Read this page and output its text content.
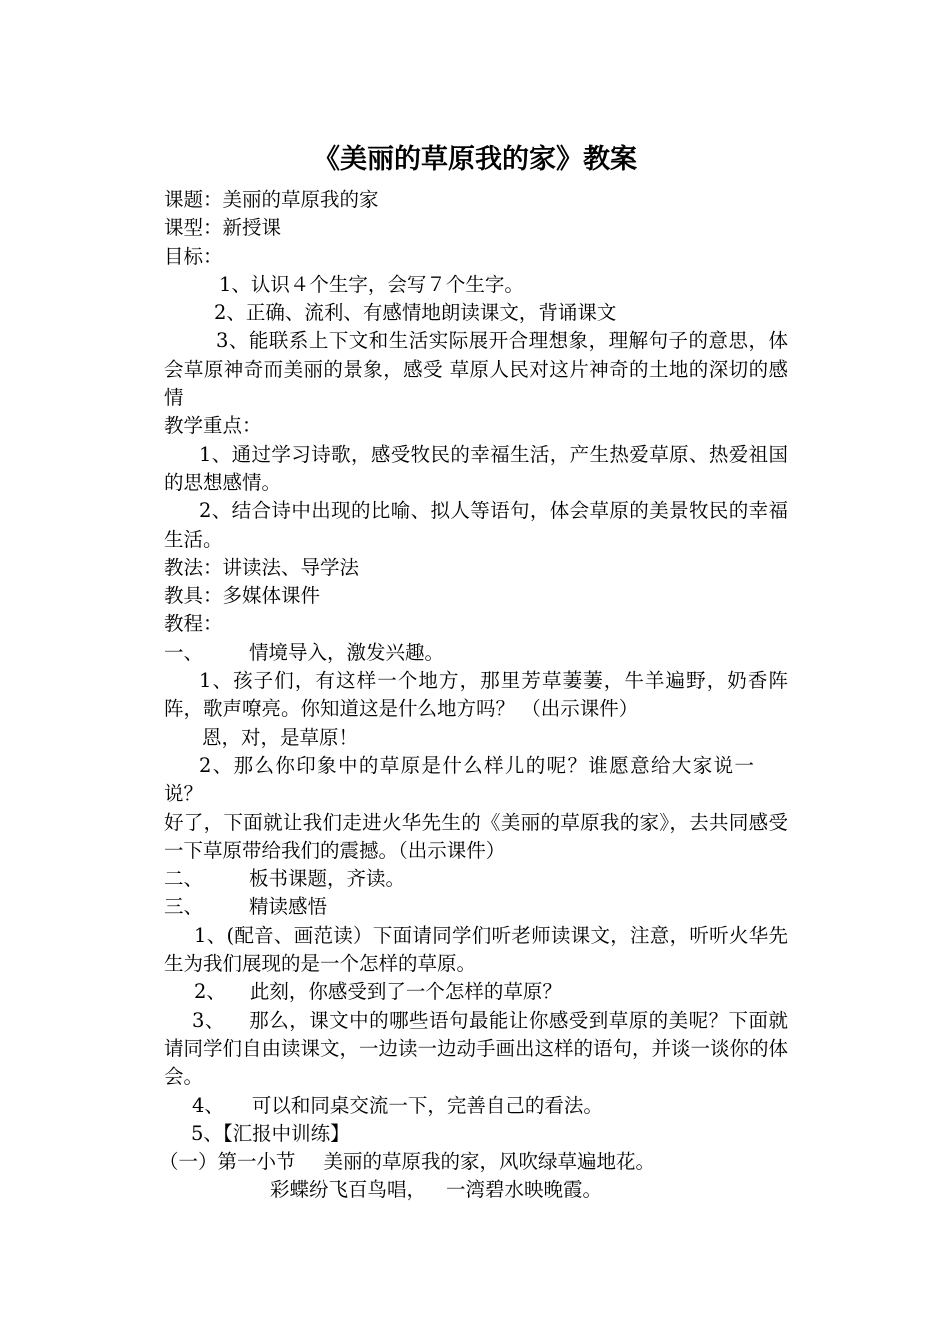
《美丽的草原我的家》教案

课题：美丽的草原我的家

课型：新授课

目标：

1、认识４个生字，会写７个生字。

2、正确、流利、有感情地朗读课文，背诵课文

3、能联系上下文和生活实际展开合理想象，理解句子的意思，体会草原神奇而美丽的景象，感受 草原人民对这片神奇的土地的深切的感情

教学重点：

1、通过学习诗歌，感受牧民的幸福生活，产生热爱草原、热爱祖国的思想感情。

2、结合诗中出现的比喻、拟人等语句，体会草原的美景牧民的幸福生活。

教法：讲读法、导学法

教具：多媒体课件

教程：

一、 情境导入，激发兴趣。

1、孩子们，有这样一个地方，那里芳草萋萋，牛羊遍野，奶香阵阵，歌声嘹亮。你知道这是什么地方吗？ （出示课件）

恩，对，是草原！

2、那么你印象中的草原是什么样儿的呢？谁愿意给大家说一说？

好了，下面就让我们走进火华先生的《美丽的草原我的家》，去共同感受一下草原带给我们的震撼。（出示课件）

二、 板书课题，齐读。

三、 精读感悟

1、(配音、画范读）下面请同学们听老师读课文，注意，听听火华先生为我们展现的是一个怎样的草原。

2、 此刻，你感受到了一个怎样的草原？

3、 那么，课文中的哪些语句最能让你感受到草原的美呢？下面就请同学们自由读课文，一边读一边动手画出这样的语句，并谈一谈你的体会。

4、 可以和同桌交流一下，完善自己的看法。

5、【汇报中训练】

（一）第一小节 美丽的草原我的家，风吹绿草遍地花。

彩蝶纷飞百鸟唱， 一湾碧水映晚霞。
